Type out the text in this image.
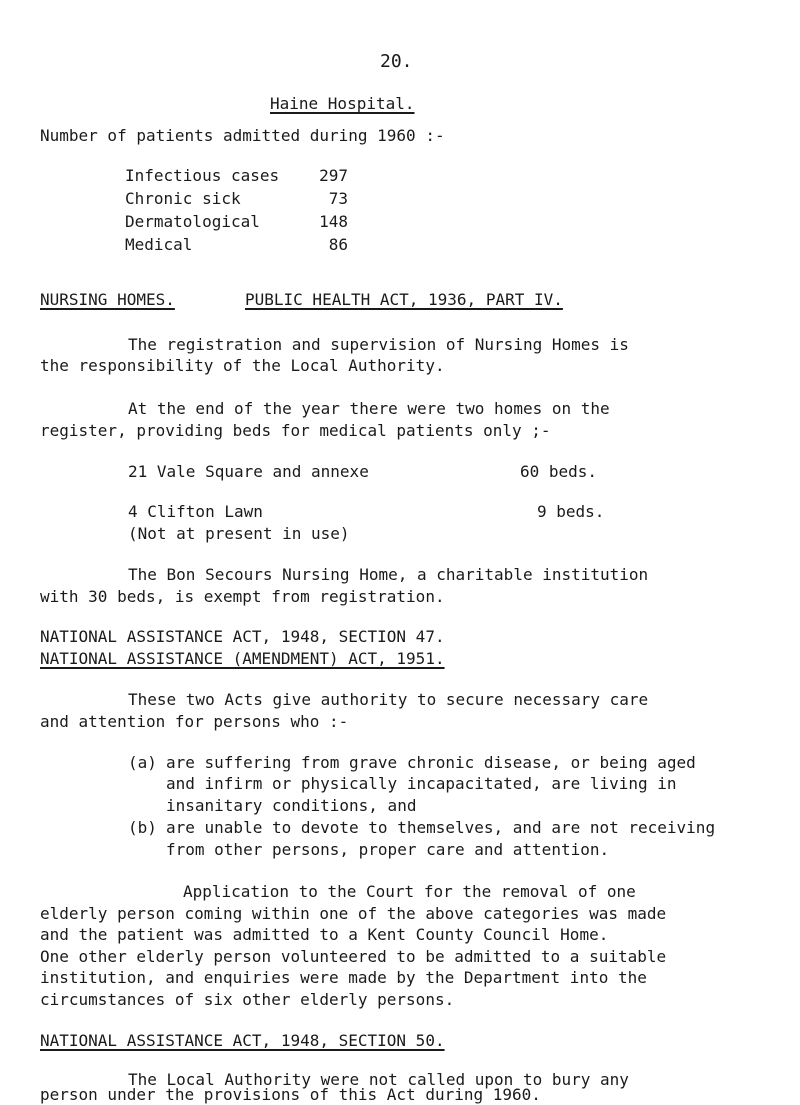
20.
Haine Hospital.
Number of patients admitted during 1960 :-
Infectious cases	297
Chronic sick	73
Dermatological	148
Medical	86
NURSING HOMES.	PUBLIC HEALTH ACT, 1936, PART IV.
The registration and supervision of Nursing Homes is
the responsibility of the Local Authority.
At the end of the year there were two homes on the
register, providing beds for medical patients only ;-
21 Vale Square and annexe	60 beds.
4 Clifton Lawn	9 beds.
(Not at present in use)
The Bon Secours Nursing Home, a charitable institution
with 30 beds, is exempt from registration.
NATIONAL ASSISTANCE ACT, 1948, SECTION 47.
NATIONAL ASSISTANCE (AMENDMENT) ACT, 1951.
These two Acts give authority to secure necessary care
and attention for persons who :-
(a) are suffering from grave chronic disease, or being aged
and infirm or physically incapacitated, are living in
insanitary conditions, and
(b) are unable to devote to themselves, and are not receiving
from other persons, proper care and attention.
Application to the Court for the removal of one
elderly person coming within one of the above categories was made
and the patient was admitted to a Kent County Council Home.
One other elderly person volunteered to be admitted to a suitable
institution, and enquiries were made by the Department into the
circumstances of six other elderly persons.
NATIONAL ASSISTANCE ACT, 1948, SECTION 50.
The Local Authority were not called upon to bury any
person under the provisions of this Act during 1960.
